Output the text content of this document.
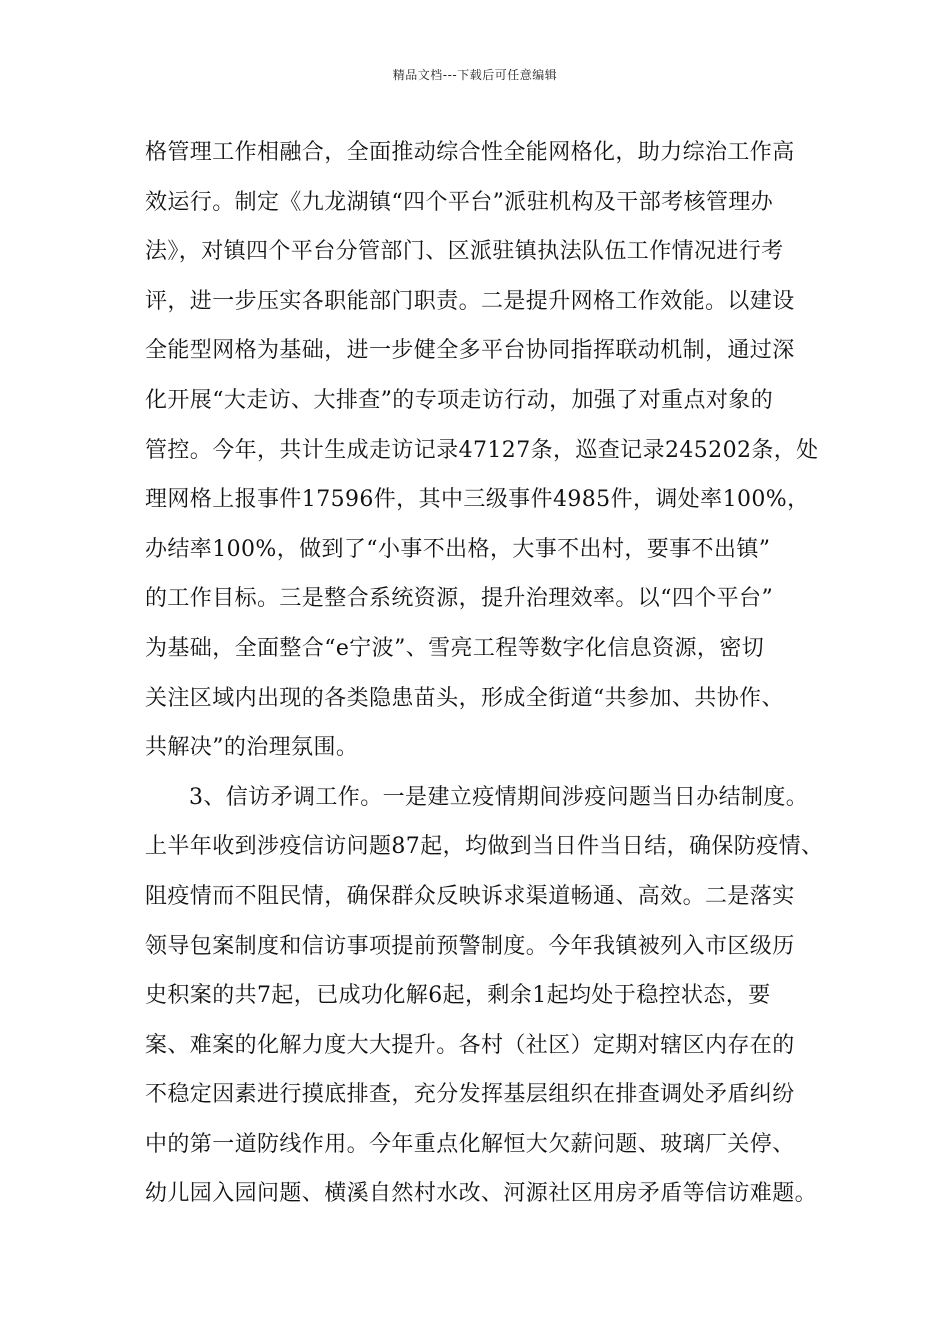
精品文档---下载后可任意编辑
格管理工作相融合，全面推动综合性全能网格化，助力综治工作高
效运行。制定《九龙湖镇“四个平台”派驻机构及干部考核管理办
法》，对镇四个平台分管部门、区派驻镇执法队伍工作情况进行考
评，进一步压实各职能部门职责。二是提升网格工作效能。以建设
全能型网格为基础，进一步健全多平台协同指挥联动机制，通过深
化开展“大走访、大排查”的专项走访行动，加强了对重点对象的
管控。今年，共计生成走访记录47127条，巡查记录245202条，处
理网格上报事件17596件，其中三级事件4985件，调处率100%，
办结率100%，做到了“小事不出格，大事不出村，要事不出镇”
的工作目标。三是整合系统资源，提升治理效率。以“四个平台”
为基础，全面整合“e宁波”、雪亮工程等数字化信息资源，密切
关注区域内出现的各类隐患苗头，形成全街道“共参加、共协作、
共解决”的治理氛围。
3、信访矛调工作。一是建立疫情期间涉疫问题当日办结制度。
上半年收到涉疫信访问题87起，均做到当日件当日结，确保防疫情、
阻疫情而不阻民情，确保群众反映诉求渠道畅通、高效。二是落实
领导包案制度和信访事项提前预警制度。今年我镇被列入市区级历
史积案的共7起，已成功化解6起，剩余1起均处于稳控状态，要
案、难案的化解力度大大提升。各村（社区）定期对辖区内存在的
不稳定因素进行摸底排查，充分发挥基层组织在排查调处矛盾纠纷
中的第一道防线作用。今年重点化解恒大欠薪问题、玻璃厂关停、
幼儿园入园问题、横溪自然村水改、河源社区用房矛盾等信访难题。
